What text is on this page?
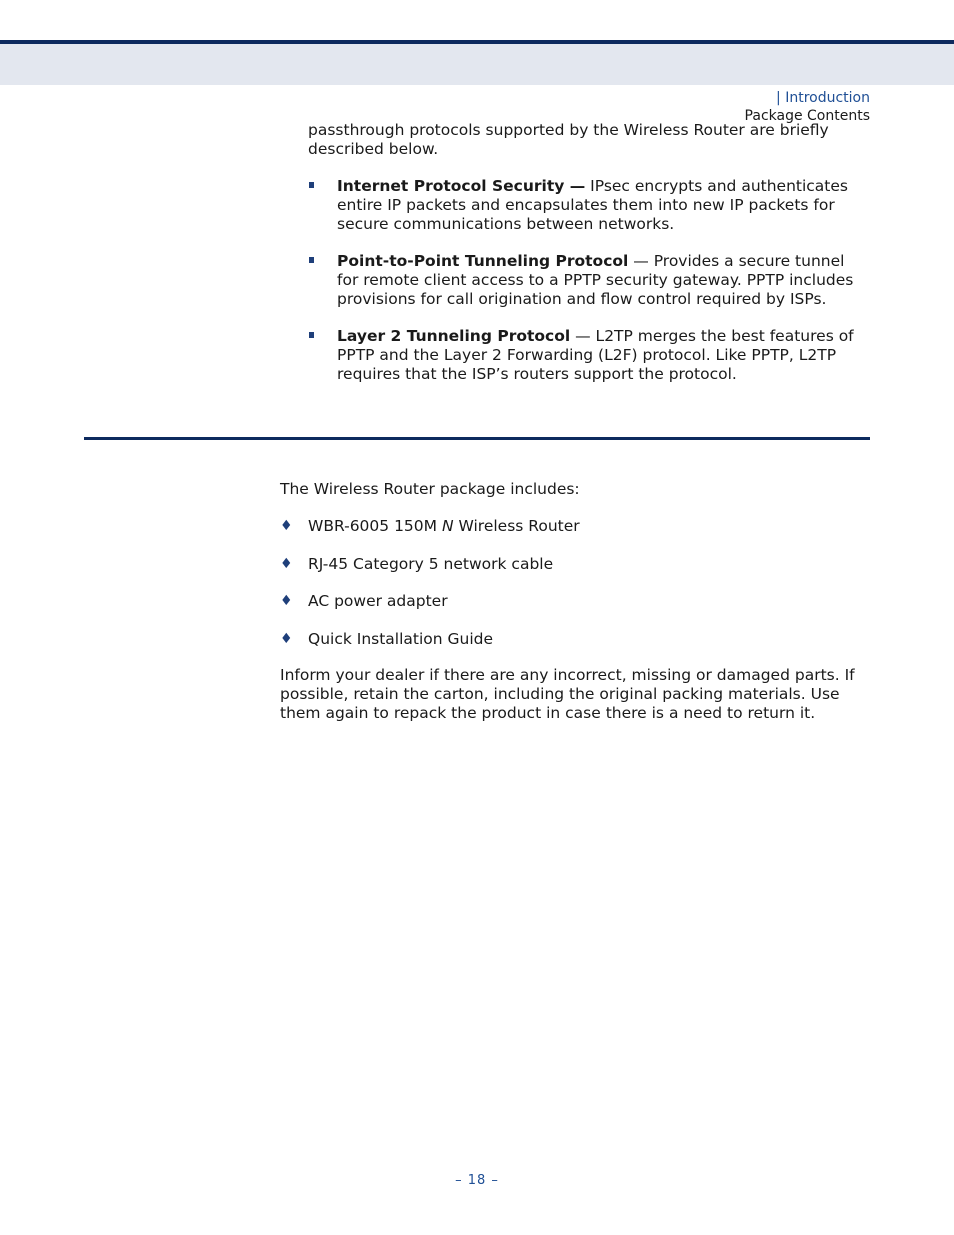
| Introduction
Package Contents
passthrough protocols supported by the Wireless Router are briefly described below.
Internet Protocol Security — IPsec encrypts and authenticates entire IP packets and encapsulates them into new IP packets for secure communications between networks.
Point-to-Point Tunneling Protocol — Provides a secure tunnel for remote client access to a PPTP security gateway. PPTP includes provisions for call origination and flow control required by ISPs.
Layer 2 Tunneling Protocol — L2TP merges the best features of PPTP and the Layer 2 Forwarding (L2F) protocol. Like PPTP, L2TP requires that the ISP’s routers support the protocol.
The Wireless Router package includes:
♦ WBR-6005 150M N Wireless Router
♦ RJ-45 Category 5 network cable
♦ AC power adapter
♦ Quick Installation Guide
Inform your dealer if there are any incorrect, missing or damaged parts. If possible, retain the carton, including the original packing materials. Use them again to repack the product in case there is a need to return it.
– 18 –
